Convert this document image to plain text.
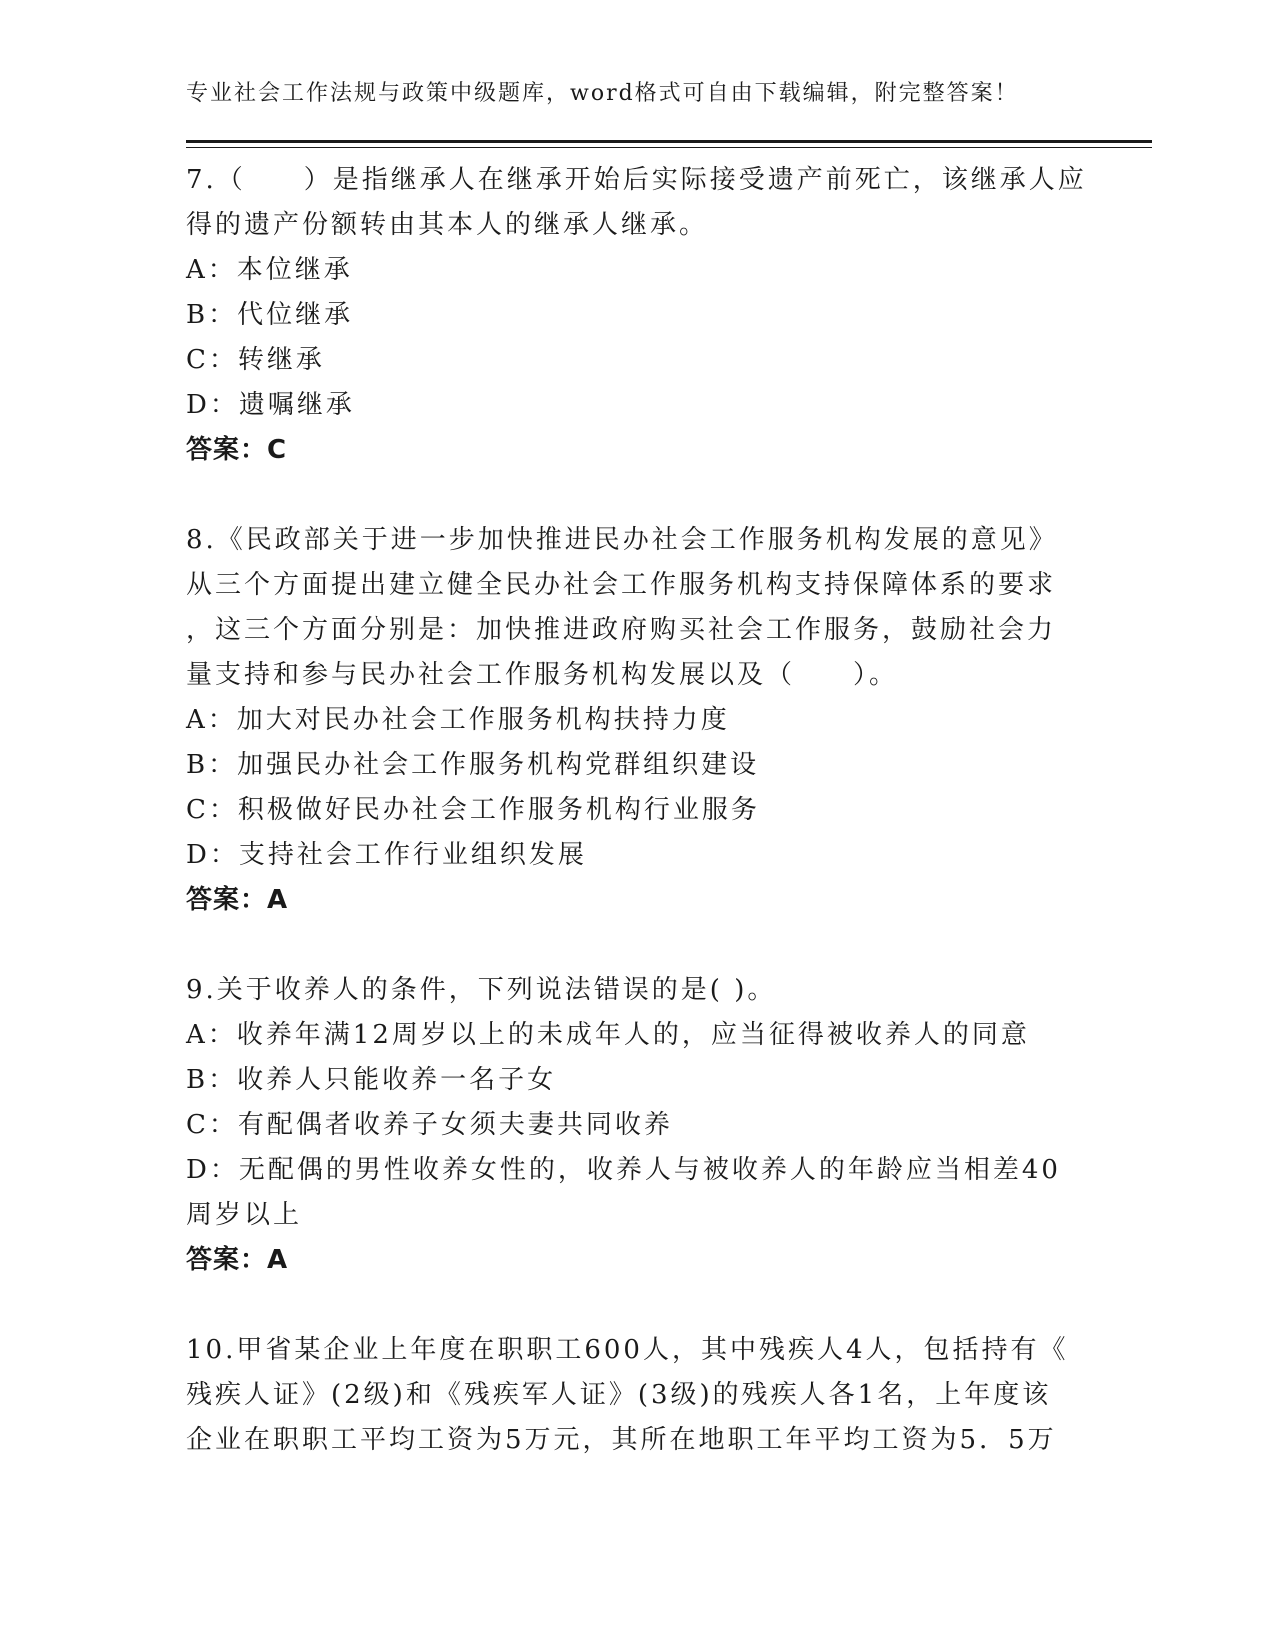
专业社会工作法规与政策中级题库，word格式可自由下载编辑，附完整答案！
7.（　　）是指继承人在继承开始后实际接受遗产前死亡，该继承人应
得的遗产份额转由其本人的继承人继承。
A：本位继承
B：代位继承
C：转继承
D：遗嘱继承
答案：C
8.《民政部关于进一步加快推进民办社会工作服务机构发展的意见》
从三个方面提出建立健全民办社会工作服务机构支持保障体系的要求
，这三个方面分别是：加快推进政府购买社会工作服务，鼓励社会力
量支持和参与民办社会工作服务机构发展以及（　　）。
A：加大对民办社会工作服务机构扶持力度
B：加强民办社会工作服务机构党群组织建设
C：积极做好民办社会工作服务机构行业服务
D：支持社会工作行业组织发展
答案：A
9.关于收养人的条件，下列说法错误的是( )。
A：收养年满12周岁以上的未成年人的，应当征得被收养人的同意
B：收养人只能收养一名子女
C：有配偶者收养子女须夫妻共同收养
D：无配偶的男性收养女性的，收养人与被收养人的年龄应当相差40
周岁以上
答案：A
10.甲省某企业上年度在职职工600人，其中残疾人4人，包括持有《
残疾人证》(2级)和《残疾军人证》(3级)的残疾人各1名，上年度该
企业在职职工平均工资为5万元，其所在地职工年平均工资为5．5万
